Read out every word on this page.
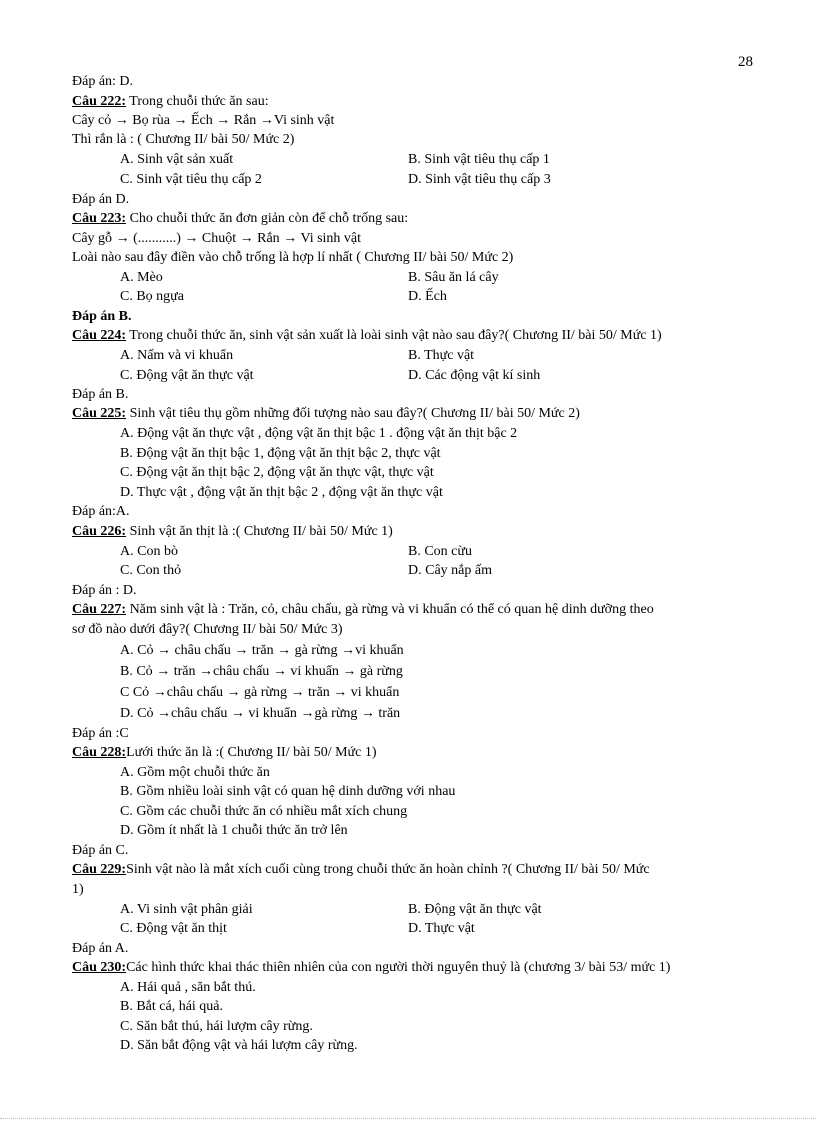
28
Đáp án: D.
Câu 222: Trong chuỗi thức ăn sau:
Cây cỏ → Bọ rùa → Ếch → Rắn →Vi sinh vật
Thì rắn là : ( Chương II/ bài 50/ Mức 2)
A. Sinh vật sản xuất	B. Sinh vật tiêu thụ cấp 1
C. Sinh vật tiêu thụ cấp 2	D. Sinh vật tiêu thụ cấp 3
Đáp án D.
Câu 223: Cho chuỗi thức ăn đơn giản còn để chỗ trống sau:
Cây gỗ → (...........) → Chuột → Rắn → Vi sinh vật
Loài nào sau đây điền vào chỗ trống là hợp lí nhất ( Chương II/ bài 50/ Mức 2)
A. Mèo	B. Sâu ăn lá cây
C. Bọ ngựa	D. Ếch
Đáp án B.
Câu 224: Trong chuỗi thức ăn, sinh vật sản xuất là loài sinh vật nào sau đây?( Chương II/ bài 50/ Mức 1)
A. Nấm và vi khuẩn	B. Thực vật
C. Động vật ăn thực vật	D. Các động vật kí sinh
Đáp án B.
Câu 225: Sinh vật tiêu thụ gồm những đối tượng nào sau đây?( Chương II/ bài 50/ Mức 2)
A. Động vật ăn thực vật , động vật ăn thịt bậc 1 . động vật ăn thịt bậc 2
B. Động vật ăn thịt bậc 1, động vật ăn thịt bậc 2, thực vật
C. Động vật ăn thịt bậc 2, động vật ăn thực vật, thực vật
D. Thực vật , động vật ăn thịt bậc 2 , động vật ăn thực vật
Đáp án:A.
Câu 226: Sinh vật ăn thịt là :( Chương II/ bài 50/ Mức 1)
A. Con bò	B. Con cừu
C. Con thỏ	D. Cây nắp ấm
Đáp án : D.
Câu 227: Năm sinh vật là : Trăn, cỏ, châu chấu, gà rừng và vi khuẩn có thể có quan hệ dinh dưỡng theo
sơ đồ nào dưới đây?( Chương II/ bài 50/ Mức 3)
A. Cỏ → châu chấu → trăn → gà rừng →vi khuẩn
B. Cỏ → trăn →châu chấu → vi khuẩn → gà rừng
C Cỏ →châu chấu → gà rừng → trăn → vi khuẩn
D. Cỏ →châu chấu → vi khuẩn →gà rừng → trăn
Đáp án :C
Câu 228:Lưới thức ăn là :( Chương II/ bài 50/ Mức 1)
A. Gồm một chuỗi thức ăn
B. Gồm nhiều loài sinh vật có quan hệ dinh dưỡng với nhau
C. Gồm các chuỗi thức ăn có nhiều mắt xích chung
D. Gồm ít nhất là 1 chuỗi thức ăn trở lên
Đáp án C.
Câu 229:Sinh vật nào là mắt xích cuối cùng trong chuỗi thức ăn hoàn chỉnh ?( Chương II/ bài 50/ Mức
1)
A. Vi sinh vật phân giải	B. Động vật ăn thực vật
C. Động vật ăn thịt	D. Thực vật
Đáp án A.
Câu 230:Các hình thức khai thác thiên nhiên của con người thời nguyên thuỷ là (chương 3/ bài 53/ mức 1)
A. Hái quả , săn bắt thú.
B. Bắt cá, hái quả.
C. Săn bắt thú, hái lượm cây rừng.
D. Săn bắt động vật và hái lượm cây rừng.
